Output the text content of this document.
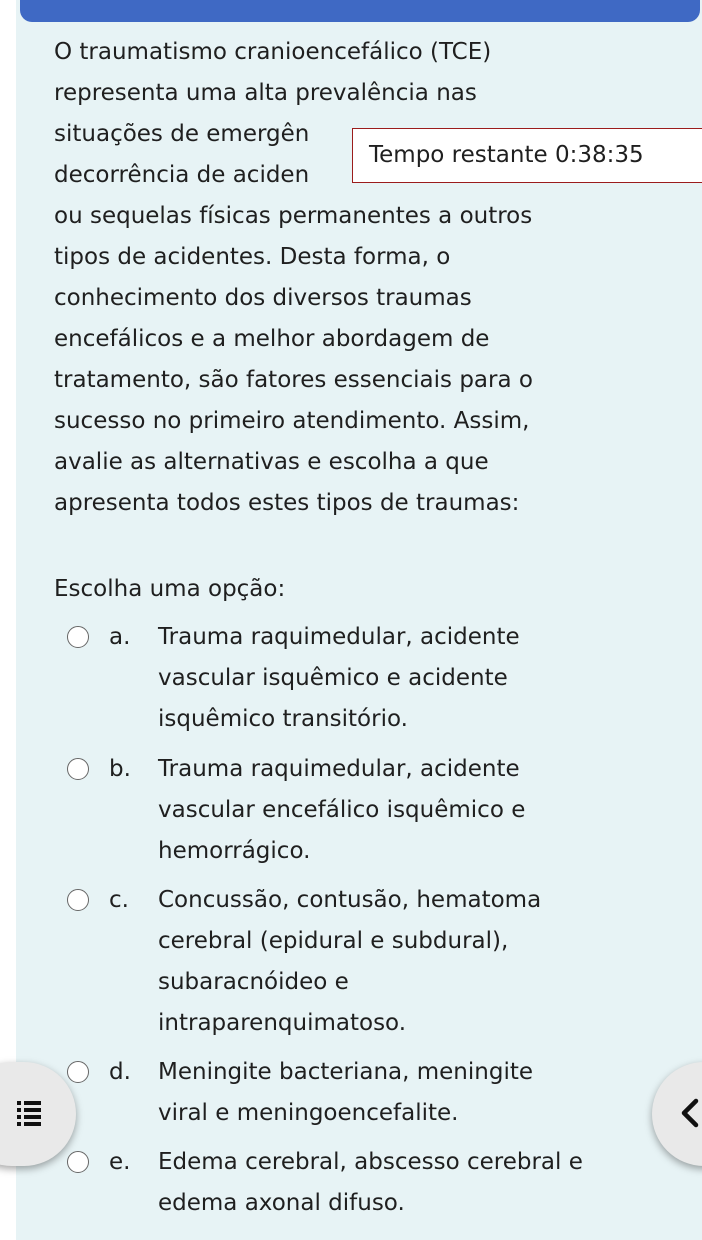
O traumatismo cranioencefálico (TCE)
representa uma alta prevalência nas
situações de emergên
decorrência de aciden
ou sequelas físicas permanentes a outros
tipos de acidentes. Desta forma, o
conhecimento dos diversos traumas
encefálicos e a melhor abordagem de
tratamento, são fatores essenciais para o
sucesso no primeiro atendimento. Assim,
avalie as alternativas e escolha a que
apresenta todos estes tipos de traumas:
Tempo restante 0:38:35
Escolha uma opção:
a. Trauma raquimedular, acidente
vascular isquêmico e acidente
isquêmico transitório.
b. Trauma raquimedular, acidente
vascular encefálico isquêmico e
hemorrágico.
c. Concussão, contusão, hematoma
cerebral (epidural e subdural),
subaracnóideo e
intraparenquimatoso.
d. Meningite bacteriana, meningite
viral e meningoencefalite.
e. Edema cerebral, abscesso cerebral e
edema axonal difuso.
